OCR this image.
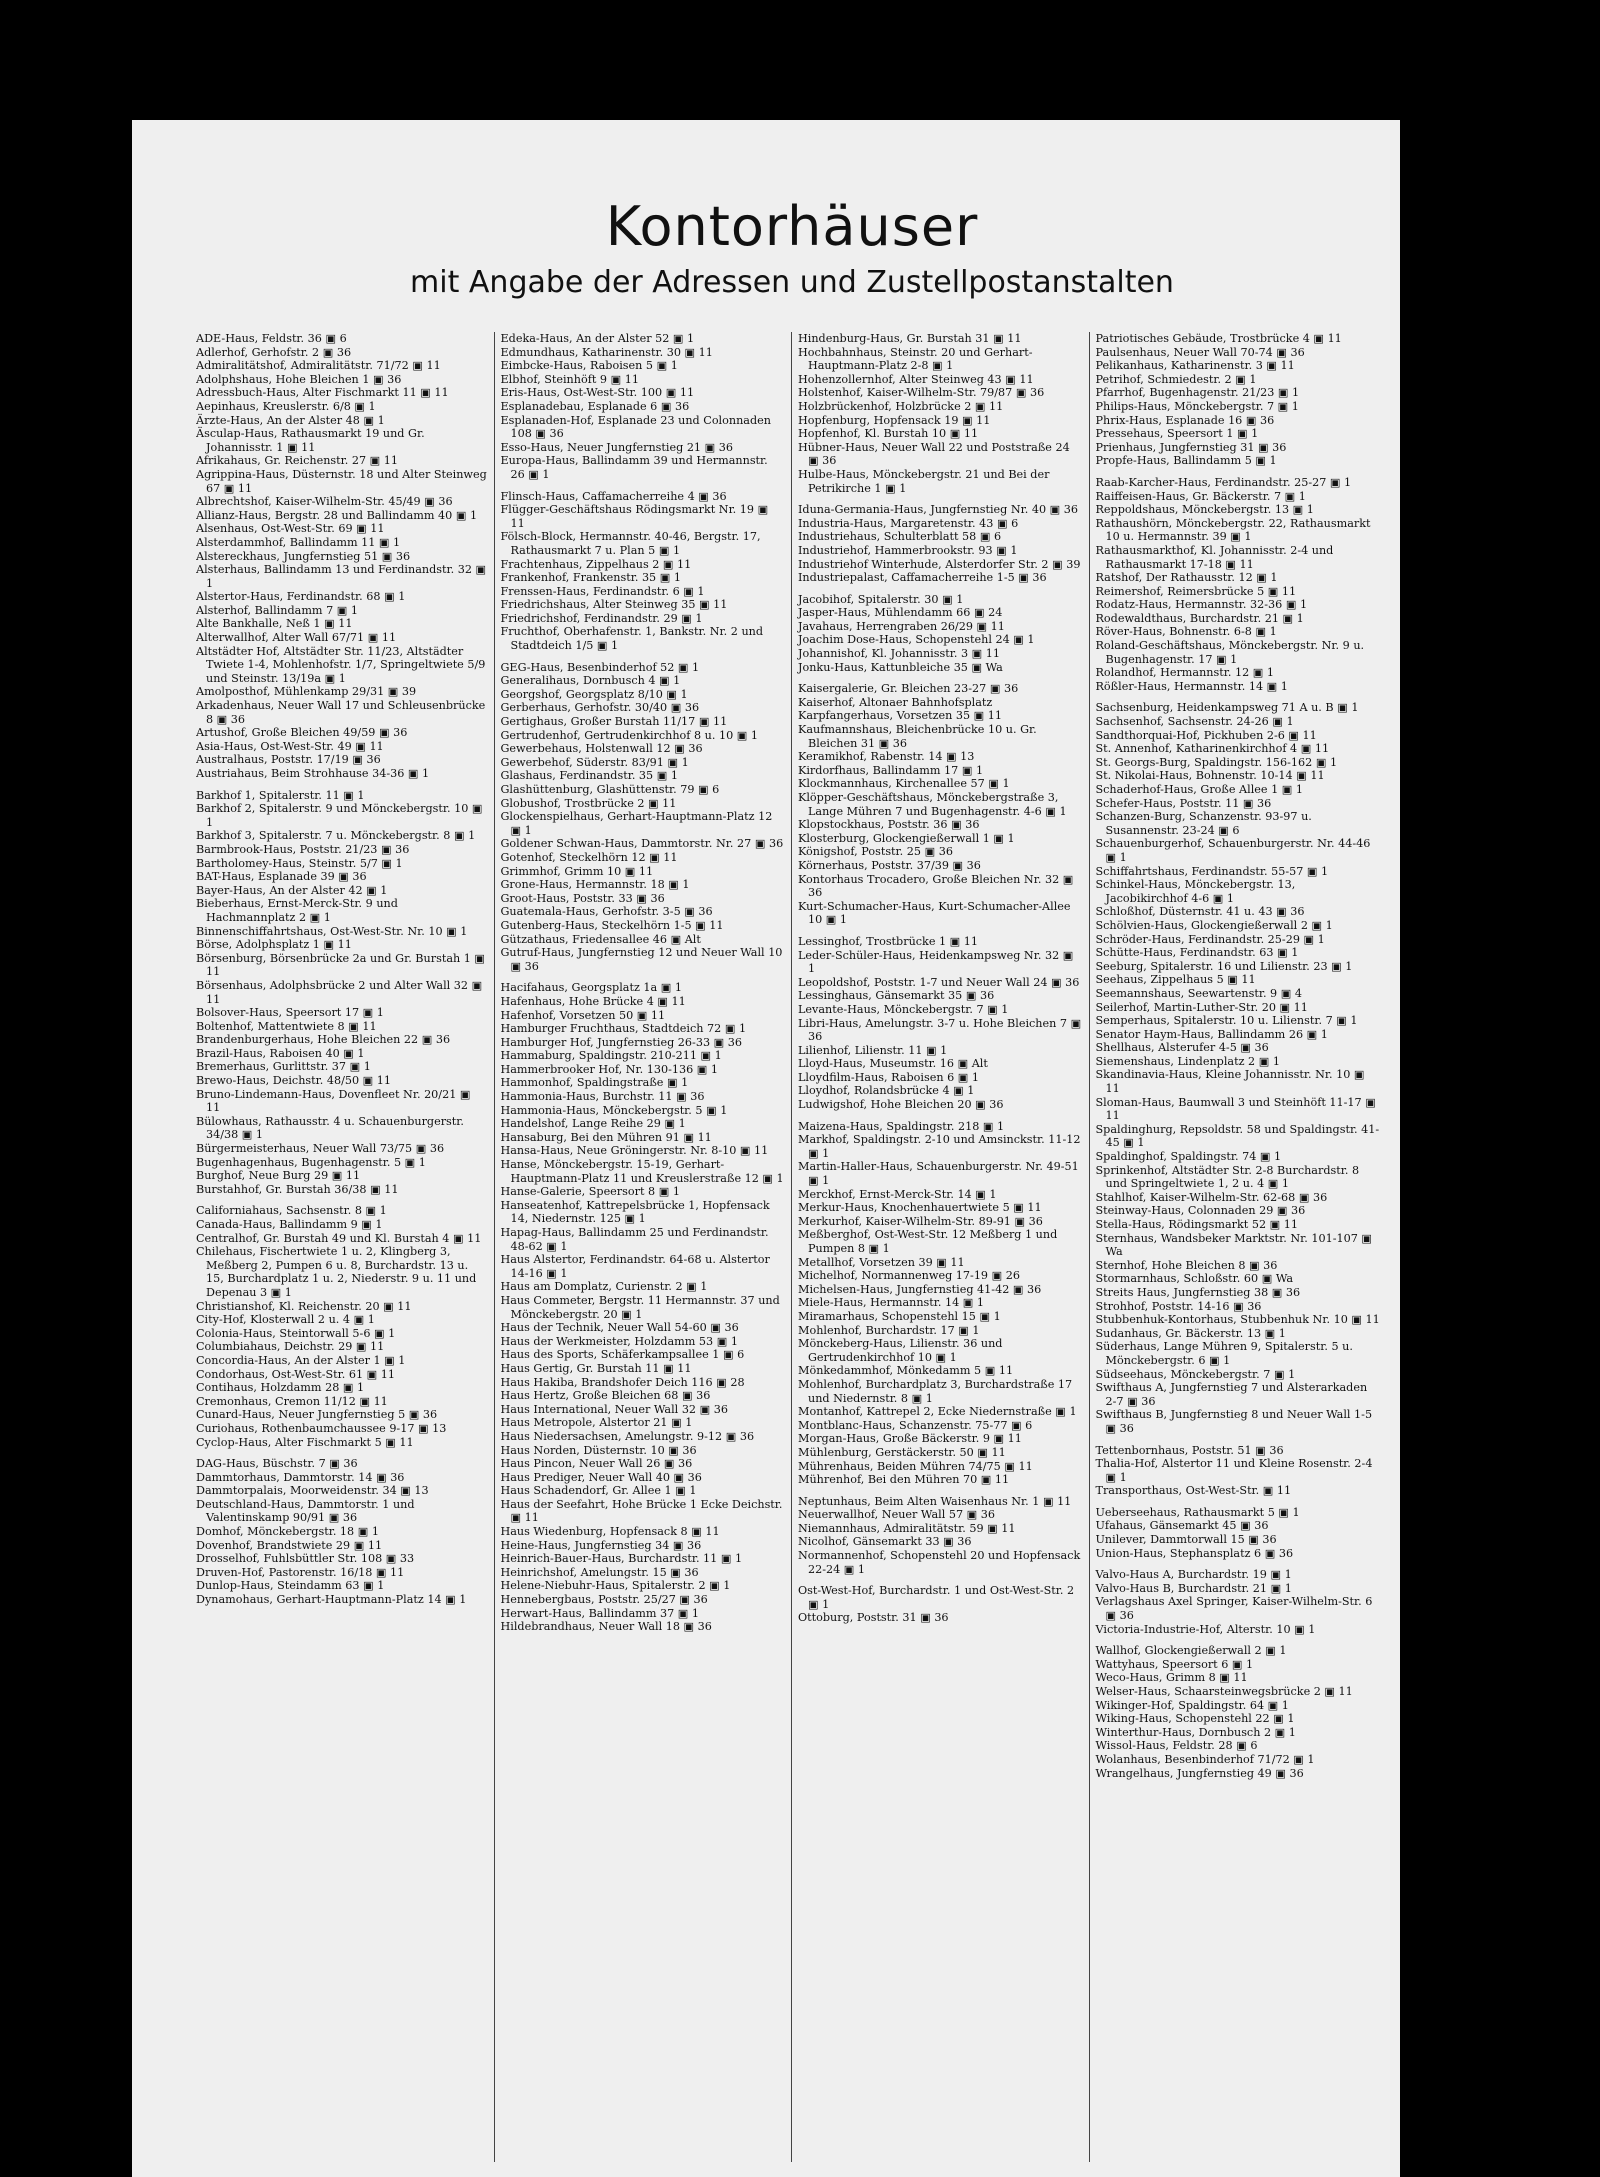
Kontorhäuser
mit Angabe der Adressen und Zustellpostanstalten

ADE-Haus, Feldstr. 36 ▣ 6

Adlerhof, Gerhofstr. 2 ▣ 36

Admiralitätshof, Admiralitätstr. 71/72 ▣ 11

Adolphshaus, Hohe Bleichen 1 ▣ 36

Adressbuch-Haus, Alter Fischmarkt 11 ▣ 11

Aepinhaus, Kreuslerstr. 6/8 ▣ 1

Ärzte-Haus, An der Alster 48 ▣ 1

Äsculap-Haus, Rathausmarkt 19 und Gr. Johannisstr. 1 ▣ 11

Afrikahaus, Gr. Reichenstr. 27 ▣ 11

Agrippina-Haus, Düsternstr. 18 und Alter Steinweg 67 ▣ 11

Albrechtshof, Kaiser-Wilhelm-Str. 45/49 ▣ 36

Allianz-Haus, Bergstr. 28 und Ballindamm 40 ▣ 1

Alsenhaus, Ost-West-Str. 69 ▣ 11

Alsterdammhof, Ballindamm 11 ▣ 1

Alstereckhaus, Jungfernstieg 51 ▣ 36

Alsterhaus, Ballindamm 13 und Ferdinandstr. 32 ▣ 1

Alstertor-Haus, Ferdinandstr. 68 ▣ 1

Alsterhof, Ballindamm 7 ▣ 1

Alte Bankhalle, Neß 1 ▣ 11

Alterwallhof, Alter Wall 67/71 ▣ 11

Altstädter Hof, Altstädter Str. 11/23, Altstädter Twiete 1-4, Mohlenhofstr. 1/7, Springeltwiete 5/9 und Steinstr. 13/19a ▣ 1

Amolposthof, Mühlenkamp 29/31 ▣ 39

Arkadenhaus, Neuer Wall 17 und Schleusenbrücke 8 ▣ 36

Artushof, Große Bleichen 49/59 ▣ 36

Asia-Haus, Ost-West-Str. 49 ▣ 11

Australhaus, Poststr. 17/19 ▣ 36

Austriahaus, Beim Strohhause 34-36 ▣ 1

Barkhof 1, Spitalerstr. 11 ▣ 1

Barkhof 2, Spitalerstr. 9 und Mönckebergstr. 10 ▣ 1

Barkhof 3, Spitalerstr. 7 u. Mönckebergstr. 8 ▣ 1

Barmbrook-Haus, Poststr. 21/23 ▣ 36

Bartholomey-Haus, Steinstr. 5/7 ▣ 1

BAT-Haus, Esplanade 39 ▣ 36

Bayer-Haus, An der Alster 42 ▣ 1

Bieberhaus, Ernst-Merck-Str. 9 und Hachmannplatz 2 ▣ 1

Binnenschiffahrtshaus, Ost-West-Str. Nr. 10 ▣ 1

Börse, Adolphsplatz 1 ▣ 11

Börsenburg, Börsenbrücke 2a und Gr. Burstah 1 ▣ 11

Börsenhaus, Adolphsbrücke 2 und Alter Wall 32 ▣ 11

Bolsover-Haus, Speersort 17 ▣ 1

Boltenhof, Mattentwiete 8 ▣ 11

Brandenburgerhaus, Hohe Bleichen 22 ▣ 36

Brazil-Haus, Raboisen 40 ▣ 1

Bremerhaus, Gurlittstr. 37 ▣ 1

Brewo-Haus, Deichstr. 48/50 ▣ 11

Bruno-Lindemann-Haus, Dovenfleet Nr. 20/21 ▣ 11

Bülowhaus, Rathausstr. 4 u. Schauenburgerstr. 34/38 ▣ 1

Bürgermeisterhaus, Neuer Wall 73/75 ▣ 36

Bugenhagenhaus, Bugenhagenstr. 5 ▣ 1

Burghof, Neue Burg 29 ▣ 11

Burstahhof, Gr. Burstah 36/38 ▣ 11

Californiahaus, Sachsenstr. 8 ▣ 1

Canada-Haus, Ballindamm 9 ▣ 1

Centralhof, Gr. Burstah 49 und Kl. Burstah 4 ▣ 11

Chilehaus, Fischertwiete 1 u. 2, Klingberg 3, Meßberg 2, Pumpen 6 u. 8, Burchardstr. 13 u. 15, Burchardplatz 1 u. 2, Niederstr. 9 u. 11 und Depenau 3 ▣ 1

Christianshof, Kl. Reichenstr. 20 ▣ 11

City-Hof, Klosterwall 2 u. 4 ▣ 1

Colonia-Haus, Steintorwall 5-6 ▣ 1

Columbiahaus, Deichstr. 29 ▣ 11

Concordia-Haus, An der Alster 1 ▣ 1

Condorhaus, Ost-West-Str. 61 ▣ 11

Contihaus, Holzdamm 28 ▣ 1

Cremonhaus, Cremon 11/12 ▣ 11

Cunard-Haus, Neuer Jungfernstieg 5 ▣ 36

Curiohaus, Rothenbaumchaussee 9-17 ▣ 13

Cyclop-Haus, Alter Fischmarkt 5 ▣ 11

DAG-Haus, Büschstr. 7 ▣ 36

Dammtorhaus, Dammtorstr. 14 ▣ 36

Dammtorpalais, Moorweidenstr. 34 ▣ 13

Deutschland-Haus, Dammtorstr. 1 und Valentinskamp 90/91 ▣ 36

Domhof, Mönckebergstr. 18 ▣ 1

Dovenhof, Brandstwiete 29 ▣ 11

Drosselhof, Fuhlsbüttler Str. 108 ▣ 33

Druven-Hof, Pastorenstr. 16/18 ▣ 11

Dunlop-Haus, Steindamm 63 ▣ 1

Dynamohaus, Gerhart-Hauptmann-Platz 14 ▣ 1

Edeka-Haus, An der Alster 52 ▣ 1

Edmundhaus, Katharinenstr. 30 ▣ 11

Eimbcke-Haus, Raboisen 5 ▣ 1

Elbhof, Steinhöft 9 ▣ 11

Eris-Haus, Ost-West-Str. 100 ▣ 11

Esplanadebau, Esplanade 6 ▣ 36

Esplanaden-Hof, Esplanade 23 und Colonnaden 108 ▣ 36

Esso-Haus, Neuer Jungfernstieg 21 ▣ 36

Europa-Haus, Ballindamm 39 und Hermannstr. 26 ▣ 1

Flinsch-Haus, Caffamacherreihe 4 ▣ 36

Flügger-Geschäftshaus Rödingsmarkt Nr. 19 ▣ 11

Fölsch-Block, Hermannstr. 40-46, Bergstr. 17, Rathausmarkt 7 u. Plan 5 ▣ 1

Frachtenhaus, Zippelhaus 2 ▣ 11

Frankenhof, Frankenstr. 35 ▣ 1

Frenssen-Haus, Ferdinandstr. 6 ▣ 1

Friedrichshaus, Alter Steinweg 35 ▣ 11

Friedrichshof, Ferdinandstr. 29 ▣ 1

Fruchthof, Oberhafenstr. 1, Bankstr. Nr. 2 und Stadtdeich 1/5 ▣ 1

GEG-Haus, Besenbinderhof 52 ▣ 1

Generalihaus, Dornbusch 4 ▣ 1

Georgshof, Georgsplatz 8/10 ▣ 1

Gerberhaus, Gerhofstr. 30/40 ▣ 36

Gertighaus, Großer Burstah 11/17 ▣ 11

Gertrudenhof, Gertrudenkirchhof 8 u. 10 ▣ 1

Gewerbehaus, Holstenwall 12 ▣ 36

Gewerbehof, Süderstr. 83/91 ▣ 1

Glashaus, Ferdinandstr. 35 ▣ 1

Glashüttenburg, Glashüttenstr. 79 ▣ 6

Globushof, Trostbrücke 2 ▣ 11

Glockenspielhaus, Gerhart-Hauptmann-Platz 12 ▣ 1

Goldener Schwan-Haus, Dammtorstr. Nr. 27 ▣ 36

Gotenhof, Steckelhörn 12 ▣ 11

Grimmhof, Grimm 10 ▣ 11

Grone-Haus, Hermannstr. 18 ▣ 1

Groot-Haus, Poststr. 33 ▣ 36

Guatemala-Haus, Gerhofstr. 3-5 ▣ 36

Gutenberg-Haus, Steckelhörn 1-5 ▣ 11

Gützathaus, Friedensallee 46 ▣ Alt

Gutruf-Haus, Jungfernstieg 12 und Neuer Wall 10 ▣ 36

Hacifahaus, Georgsplatz 1a ▣ 1

Hafenhaus, Hohe Brücke 4 ▣ 11

Hafenhof, Vorsetzen 50 ▣ 11

Hamburger Fruchthaus, Stadtdeich 72 ▣ 1

Hamburger Hof, Jungfernstieg 26-33 ▣ 36

Hammaburg, Spaldingstr. 210-211 ▣ 1

Hammerbrooker Hof, Nr. 130-136 ▣ 1

Hammonhof, Spaldingstraße ▣ 1

Hammonia-Haus, Burchstr. 11 ▣ 36

Hammonia-Haus, Mönckebergstr. 5 ▣ 1

Handelshof, Lange Reihe 29 ▣ 1

Hansaburg, Bei den Mühren 91 ▣ 11

Hansa-Haus, Neue Gröningerstr. Nr. 8-10 ▣ 11

Hanse, Mönckebergstr. 15-19, Gerhart-Hauptmann-Platz 11 und Kreuslerstraße 12 ▣ 1

Hanse-Galerie, Speersort 8 ▣ 1

Hanseatenhof, Kattrepelsbrücke 1, Hopfensack 14, Niedernstr. 125 ▣ 1

Hapag-Haus, Ballindamm 25 und Ferdinandstr. 48-62 ▣ 1

Haus Alstertor, Ferdinandstr. 64-68 u. Alstertor 14-16 ▣ 1

Haus am Domplatz, Curienstr. 2 ▣ 1

Haus Commeter, Bergstr. 11 Hermannstr. 37 und Mönckebergstr. 20 ▣ 1

Haus der Technik, Neuer Wall 54-60 ▣ 36

Haus der Werkmeister, Holzdamm 53 ▣ 1

Haus des Sports, Schäferkampsallee 1 ▣ 6

Haus Gertig, Gr. Burstah 11 ▣ 11

Haus Hakiba, Brandshofer Deich 116 ▣ 28

Haus Hertz, Große Bleichen 68 ▣ 36

Haus International, Neuer Wall 32 ▣ 36

Haus Metropole, Alstertor 21 ▣ 1

Haus Niedersachsen, Amelungstr. 9-12 ▣ 36

Haus Norden, Düsternstr. 10 ▣ 36

Haus Pincon, Neuer Wall 26 ▣ 36

Haus Prediger, Neuer Wall 40 ▣ 36

Haus Schadendorf, Gr. Allee 1 ▣ 1

Haus der Seefahrt, Hohe Brücke 1 Ecke Deichstr. ▣ 11

Haus Wiedenburg, Hopfensack 8 ▣ 11

Heine-Haus, Jungfernstieg 34 ▣ 36

Heinrich-Bauer-Haus, Burchardstr. 11 ▣ 1

Heinrichshof, Amelungstr. 15 ▣ 36

Helene-Niebuhr-Haus, Spitalerstr. 2 ▣ 1

Hennebergbaus, Poststr. 25/27 ▣ 36

Herwart-Haus, Ballindamm 37 ▣ 1

Hildebrandhaus, Neuer Wall 18 ▣ 36

Hindenburg-Haus, Gr. Burstah 31 ▣ 11

Hochbahnhaus, Steinstr. 20 und Gerhart-Hauptmann-Platz 2-8 ▣ 1

Hohenzollernhof, Alter Steinweg 43 ▣ 11

Holstenhof, Kaiser-Wilhelm-Str. 79/87 ▣ 36

Holzbrückenhof, Holzbrücke 2 ▣ 11

Hopfenburg, Hopfensack 19 ▣ 11

Hopfenhof, Kl. Burstah 10 ▣ 11

Hübner-Haus, Neuer Wall 22 und Poststraße 24 ▣ 36

Hulbe-Haus, Mönckebergstr. 21 und Bei der Petrikirche 1 ▣ 1

Iduna-Germania-Haus, Jungfernstieg Nr. 40 ▣ 36

Industria-Haus, Margaretenstr. 43 ▣ 6

Industriehaus, Schulterblatt 58 ▣ 6

Industriehof, Hammerbrookstr. 93 ▣ 1

Industriehof Winterhude, Alsterdorfer Str. 2 ▣ 39

Industriepalast, Caffamacherreihe 1-5 ▣ 36

Jacobihof, Spitalerstr. 30 ▣ 1

Jasper-Haus, Mühlendamm 66 ▣ 24

Javahaus, Herrengraben 26/29 ▣ 11

Joachim Dose-Haus, Schopenstehl 24 ▣ 1

Johannishof, Kl. Johannisstr. 3 ▣ 11

Jonku-Haus, Kattunbleiche 35 ▣ Wa

Kaisergalerie, Gr. Bleichen 23-27 ▣ 36

Kaiserhof, Altonaer Bahnhofsplatz

Karpfangerhaus, Vorsetzen 35 ▣ 11

Kaufmannshaus, Bleichenbrücke 10 u. Gr. Bleichen 31 ▣ 36

Keramikhof, Rabenstr. 14 ▣ 13

Kirdorfhaus, Ballindamm 17 ▣ 1

Klockmannhaus, Kirchenallee 57 ▣ 1

Klöpper-Geschäftshaus, Mönckebergstraße 3, Lange Mühren 7 und Bugenhagenstr. 4-6 ▣ 1

Klopstockhaus, Poststr. 36 ▣ 36

Klosterburg, Glockengießerwall 1 ▣ 1

Königshof, Poststr. 25 ▣ 36

Körnerhaus, Poststr. 37/39 ▣ 36

Kontorhaus Trocadero, Große Bleichen Nr. 32 ▣ 36

Kurt-Schumacher-Haus, Kurt-Schumacher-Allee 10 ▣ 1

Lessinghof, Trostbrücke 1 ▣ 11

Leder-Schüler-Haus, Heidenkampsweg Nr. 32 ▣ 1

Leopoldshof, Poststr. 1-7 und Neuer Wall 24 ▣ 36

Lessinghaus, Gänsemarkt 35 ▣ 36

Levante-Haus, Mönckebergstr. 7 ▣ 1

Libri-Haus, Amelungstr. 3-7 u. Hohe Bleichen 7 ▣ 36

Lilienhof, Lilienstr. 11 ▣ 1

Lloyd-Haus, Museumstr. 16 ▣ Alt

Lloydfilm-Haus, Raboisen 6 ▣ 1

Lloydhof, Rolandsbrücke 4 ▣ 1

Ludwigshof, Hohe Bleichen 20 ▣ 36

Maizena-Haus, Spaldingstr. 218 ▣ 1

Markhof, Spaldingstr. 2-10 und Amsinckstr. 11-12 ▣ 1

Martin-Haller-Haus, Schauenburgerstr. Nr. 49-51 ▣ 1

Merckhof, Ernst-Merck-Str. 14 ▣ 1

Merkur-Haus, Knochenhauertwiete 5 ▣ 11

Merkurhof, Kaiser-Wilhelm-Str. 89-91 ▣ 36

Meßberghof, Ost-West-Str. 12 Meßberg 1 und Pumpen 8 ▣ 1

Metallhof, Vorsetzen 39 ▣ 11

Michelhof, Normannenweg 17-19 ▣ 26

Michelsen-Haus, Jungfernstieg 41-42 ▣ 36

Miele-Haus, Hermannstr. 14 ▣ 1

Miramarhaus, Schopenstehl 15 ▣ 1

Mohlenhof, Burchardstr. 17 ▣ 1

Mönckeberg-Haus, Lilienstr. 36 und Gertrudenkirchhof 10 ▣ 1

Mönkedammhof, Mönkedamm 5 ▣ 11

Mohlenhof, Burchardplatz 3, Burchardstraße 17 und Niedernstr. 8 ▣ 1

Montanhof, Kattrepel 2, Ecke Niedernstraße ▣ 1

Montblanc-Haus, Schanzenstr. 75-77 ▣ 6

Morgan-Haus, Große Bäckerstr. 9 ▣ 11

Mühlenburg, Gerstäckerstr. 50 ▣ 11

Mührenhaus, Beiden Mühren 74/75 ▣ 11

Mührenhof, Bei den Mühren 70 ▣ 11

Neptunhaus, Beim Alten Waisenhaus Nr. 1 ▣ 11

Neuerwallhof, Neuer Wall 57 ▣ 36

Niemannhaus, Admiralitätstr. 59 ▣ 11

Nicolhof, Gänsemarkt 33 ▣ 36

Normannenhof, Schopenstehl 20 und Hopfensack 22-24 ▣ 1

Ost-West-Hof, Burchardstr. 1 und Ost-West-Str. 2 ▣ 1

Ottoburg, Poststr. 31 ▣ 36

Patriotisches Gebäude, Trostbrücke 4 ▣ 11

Paulsenhaus, Neuer Wall 70-74 ▣ 36

Pelikanhaus, Katharinenstr. 3 ▣ 11

Petrihof, Schmiedestr. 2 ▣ 1

Pfarrhof, Bugenhagenstr. 21/23 ▣ 1

Philips-Haus, Mönckebergstr. 7 ▣ 1

Phrix-Haus, Esplanade 16 ▣ 36

Pressehaus, Speersort 1 ▣ 1

Prienhaus, Jungfernstieg 31 ▣ 36

Propfe-Haus, Ballindamm 5 ▣ 1

Raab-Karcher-Haus, Ferdinandstr. 25-27 ▣ 1

Raiffeisen-Haus, Gr. Bäckerstr. 7 ▣ 1

Reppoldshaus, Mönckebergstr. 13 ▣ 1

Rathaushörn, Mönckebergstr. 22, Rathausmarkt 10 u. Hermannstr. 39 ▣ 1

Rathausmarkthof, Kl. Johannisstr. 2-4 und Rathausmarkt 17-18 ▣ 11

Ratshof, Der Rathausstr. 12 ▣ 1

Reimershof, Reimersbrücke 5 ▣ 11

Rodatz-Haus, Hermannstr. 32-36 ▣ 1

Rodewaldthaus, Burchardstr. 21 ▣ 1

Röver-Haus, Bohnenstr. 6-8 ▣ 1

Roland-Geschäftshaus, Mönckebergstr. Nr. 9 u. Bugenhagenstr. 17 ▣ 1

Rolandhof, Hermannstr. 12 ▣ 1

Rößler-Haus, Hermannstr. 14 ▣ 1

Sachsenburg, Heidenkampsweg 71 A u. B ▣ 1

Sachsenhof, Sachsenstr. 24-26 ▣ 1

Sandthorquai-Hof, Pickhuben 2-6 ▣ 11

St. Annenhof, Katharinenkirchhof 4 ▣ 11

St. Georgs-Burg, Spaldingstr. 156-162 ▣ 1

St. Nikolai-Haus, Bohnenstr. 10-14 ▣ 11

Schaderhof-Haus, Große Allee 1 ▣ 1

Schefer-Haus, Poststr. 11 ▣ 36

Schanzen-Burg, Schanzenstr. 93-97 u. Susannenstr. 23-24 ▣ 6

Schauenburgerhof, Schauenburgerstr. Nr. 44-46 ▣ 1

Schiffahrtshaus, Ferdinandstr. 55-57 ▣ 1

Schinkel-Haus, Mönckebergstr. 13, Jacobikirchhof 4-6 ▣ 1

Schloßhof, Düsternstr. 41 u. 43 ▣ 36

Schölvien-Haus, Glockengießerwall 2 ▣ 1

Schröder-Haus, Ferdinandstr. 25-29 ▣ 1

Schütte-Haus, Ferdinandstr. 63 ▣ 1

Seeburg, Spitalerstr. 16 und Lilienstr. 23 ▣ 1

Seehaus, Zippelhaus 5 ▣ 11

Seemannshaus, Seewartenstr. 9 ▣ 4

Seilerhof, Martin-Luther-Str. 20 ▣ 11

Semperhaus, Spitalerstr. 10 u. Lilienstr. 7 ▣ 1

Senator Haym-Haus, Ballindamm 26 ▣ 1

Shellhaus, Alsterufer 4-5 ▣ 36

Siemenshaus, Lindenplatz 2 ▣ 1

Skandinavia-Haus, Kleine Johannisstr. Nr. 10 ▣ 11

Sloman-Haus, Baumwall 3 und Steinhöft 11-17 ▣ 11

Spaldinghurg, Repsoldstr. 58 und Spaldingstr. 41-45 ▣ 1

Spaldinghof, Spaldingstr. 74 ▣ 1

Sprinkenhof, Altstädter Str. 2-8 Burchardstr. 8 und Springeltwiete 1, 2 u. 4 ▣ 1

Stahlhof, Kaiser-Wilhelm-Str. 62-68 ▣ 36

Steinway-Haus, Colonnaden 29 ▣ 36

Stella-Haus, Rödingsmarkt 52 ▣ 11

Sternhaus, Wandsbeker Marktstr. Nr. 101-107 ▣ Wa

Sternhof, Hohe Bleichen 8 ▣ 36

Stormarnhaus, Schloßstr. 60 ▣ Wa

Streits Haus, Jungfernstieg 38 ▣ 36

Strohhof, Poststr. 14-16 ▣ 36

Stubbenhuk-Kontorhaus, Stubbenhuk Nr. 10 ▣ 11

Sudanhaus, Gr. Bäckerstr. 13 ▣ 1

Süderhaus, Lange Mühren 9, Spitalerstr. 5 u. Mönckebergstr. 6 ▣ 1

Südseehaus, Mönckebergstr. 7 ▣ 1

Swifthaus A, Jungfernstieg 7 und Alsterarkaden 2-7 ▣ 36

Swifthaus B, Jungfernstieg 8 und Neuer Wall 1-5 ▣ 36

Tettenbornhaus, Poststr. 51 ▣ 36

Thalia-Hof, Alstertor 11 und Kleine Rosenstr. 2-4 ▣ 1

Transporthaus, Ost-West-Str. ▣ 11

Ueberseehaus, Rathausmarkt 5 ▣ 1

Ufahaus, Gänsemarkt 45 ▣ 36

Unilever, Dammtorwall 15 ▣ 36

Union-Haus, Stephansplatz 6 ▣ 36

Valvo-Haus A, Burchardstr. 19 ▣ 1

Valvo-Haus B, Burchardstr. 21 ▣ 1

Verlagshaus Axel Springer, Kaiser-Wilhelm-Str. 6 ▣ 36

Victoria-Industrie-Hof, Alterstr. 10 ▣ 1

Wallhof, Glockengießerwall 2 ▣ 1

Wattyhaus, Speersort 6 ▣ 1

Weco-Haus, Grimm 8 ▣ 11

Welser-Haus, Schaarsteinwegsbrücke 2 ▣ 11

Wikinger-Hof, Spaldingstr. 64 ▣ 1

Wiking-Haus, Schopenstehl 22 ▣ 1

Winterthur-Haus, Dornbusch 2 ▣ 1

Wissol-Haus, Feldstr. 28 ▣ 6

Wolanhaus, Besenbinderhof 71/72 ▣ 1

Wrangelhaus, Jungfernstieg 49 ▣ 36
